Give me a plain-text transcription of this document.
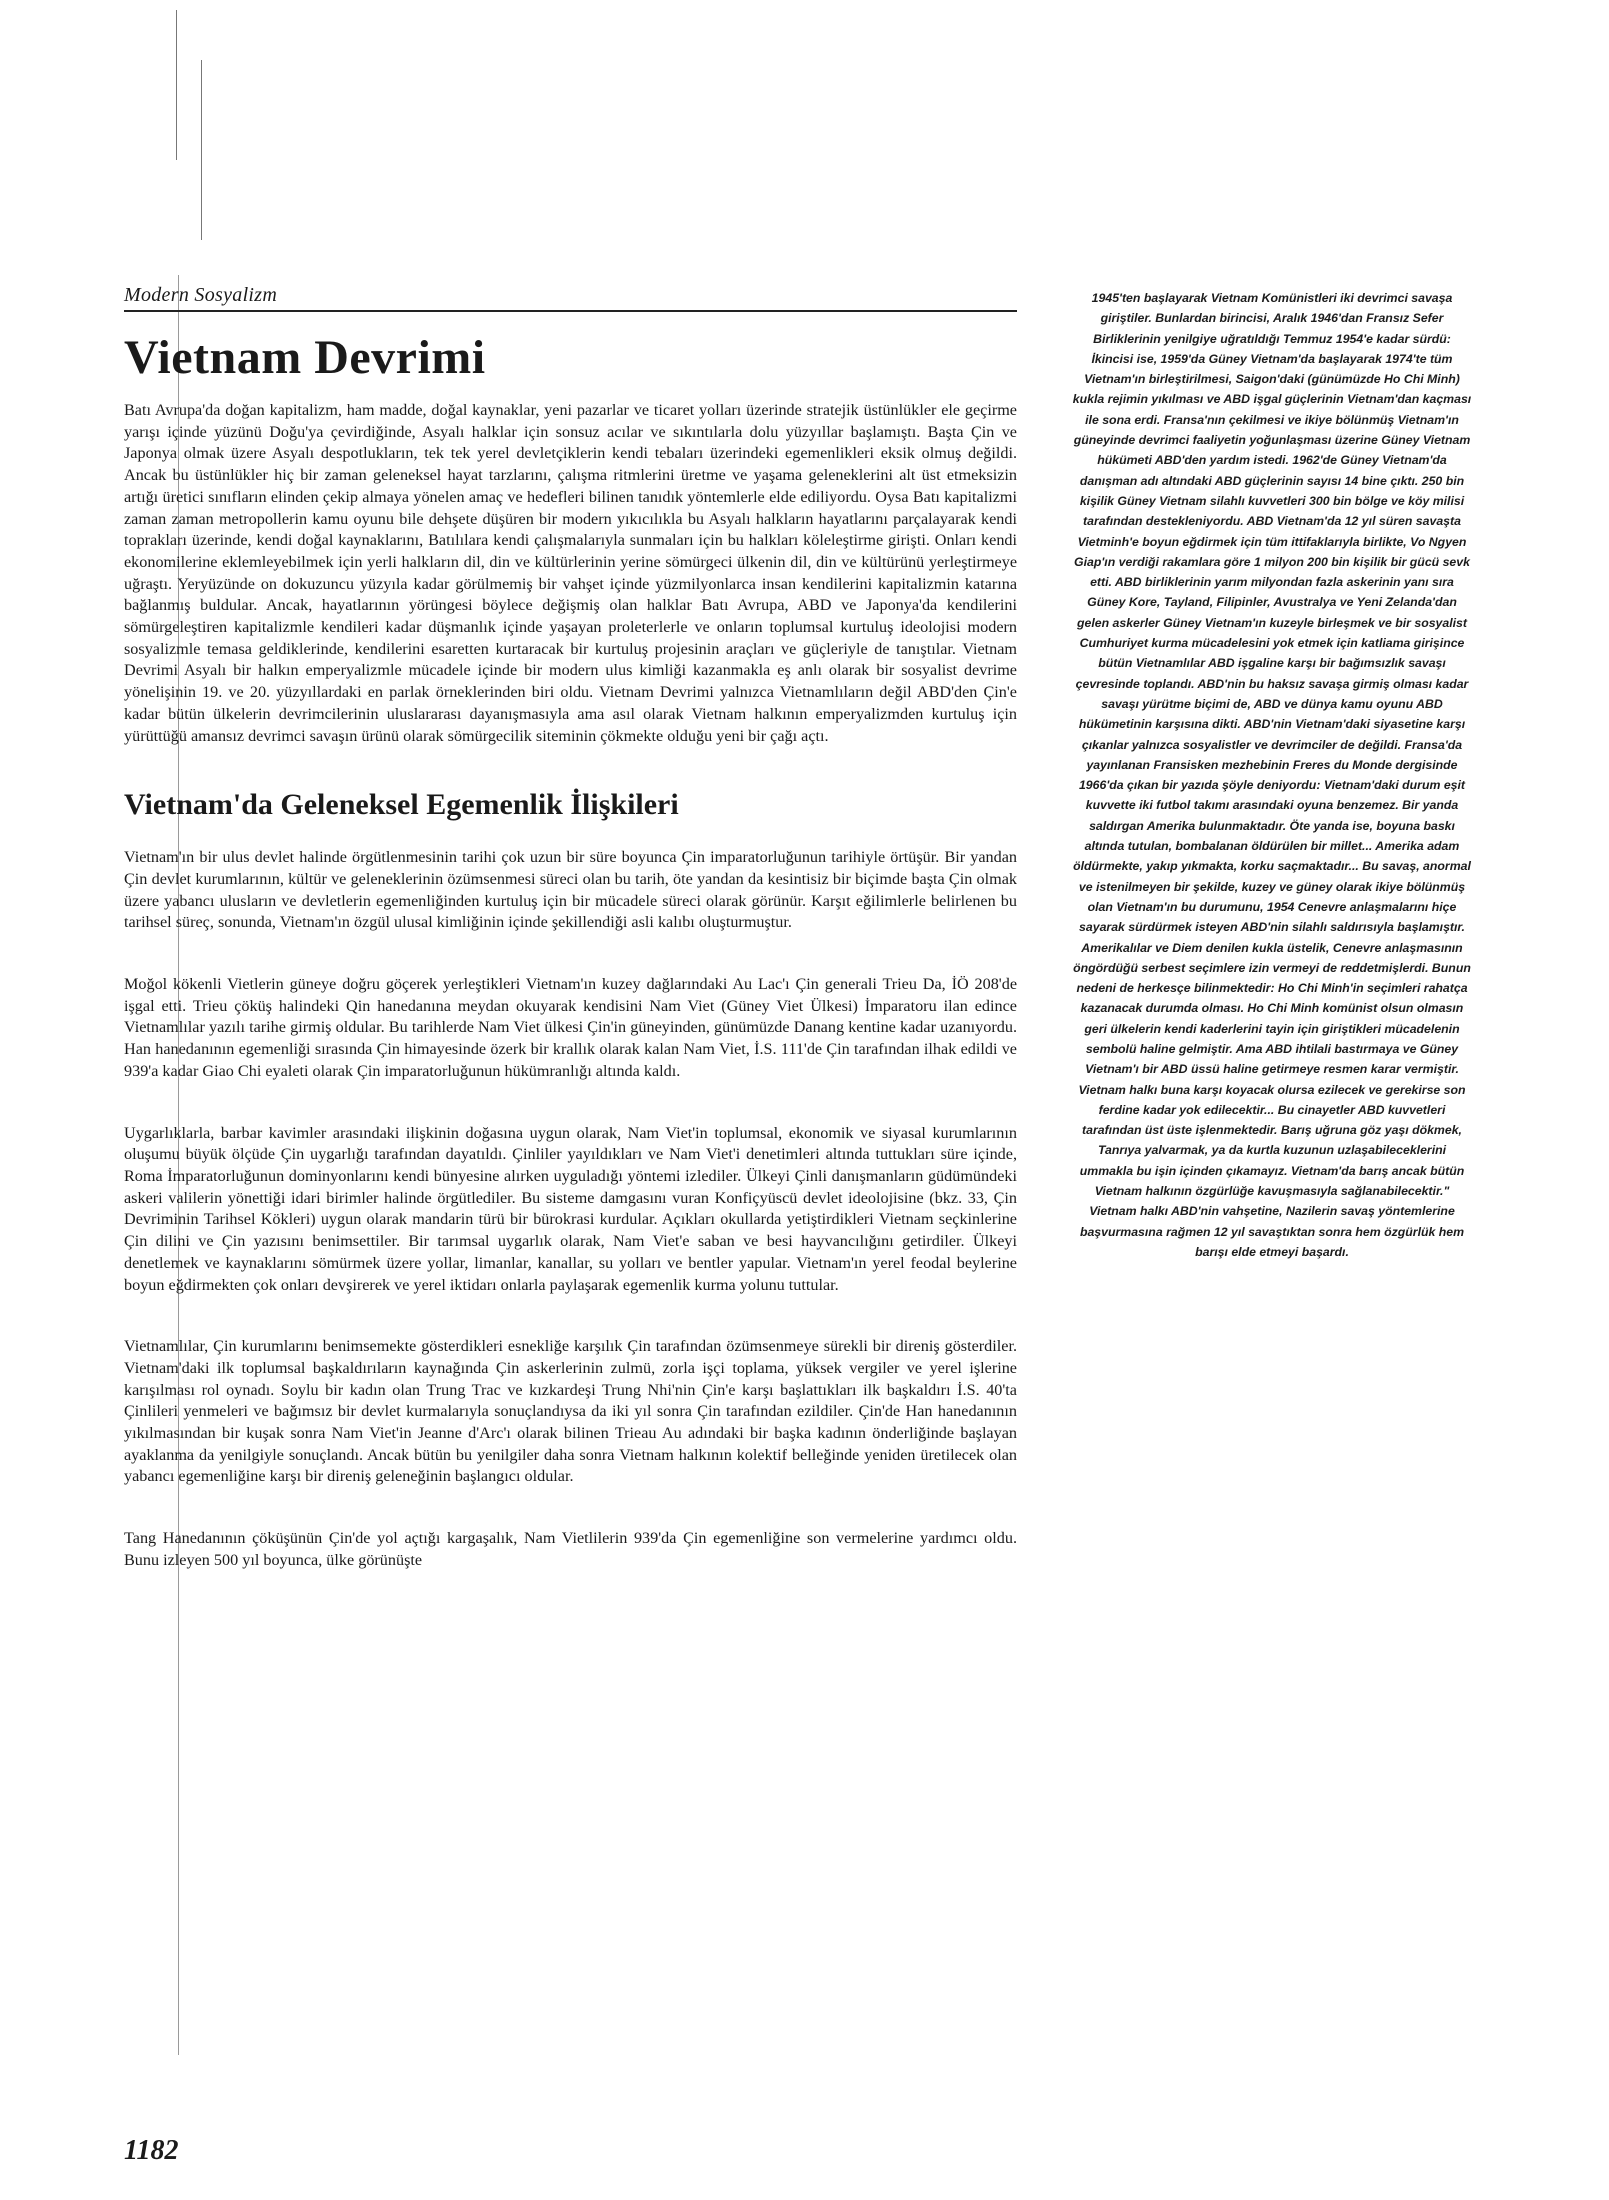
Modern Sosyalizm
Vietnam Devrimi

Batı Avrupa'da doğan kapitalizm, ham madde, doğal kaynaklar, yeni pazarlar ve ticaret yolları üzerinde stratejik üstünlükler ele geçirme yarışı içinde yüzünü Doğu'ya çevirdiğinde, Asyalı halklar için sonsuz acılar ve sıkıntılarla dolu yüzyıllar başlamıştı. Başta Çin ve Japonya olmak üzere Asyalı despotlukların, tek tek yerel devletçiklerin kendi tebaları üzerindeki egemenlikleri eksik olmuş değildi. Ancak bu üstünlükler hiç bir zaman geleneksel hayat tarzlarını, çalışma ritmlerini üretme ve yaşama geleneklerini alt üst etmeksizin artığı üretici sınıfların elinden çekip almaya yönelen amaç ve hedefleri bilinen tanıdık yöntemlerle elde ediliyordu. Oysa Batı kapitalizmi zaman zaman metropollerin kamu oyunu bile dehşete düşüren bir modern yıkıcılıkla bu Asyalı halkların hayatlarını parçalayarak kendi toprakları üzerinde, kendi doğal kaynaklarını, Batılılara kendi çalışmalarıyla sunmaları için bu halkları köleleştirme girişti. Onları kendi ekonomilerine eklemleyebilmek için yerli halkların dil, din ve kültürlerinin yerine sömürgeci ülkenin dil, din ve kültürünü yerleştirmeye uğraştı. Yeryüzünde on dokuzuncu yüzyıla kadar görülmemiş bir vahşet içinde yüzmilyonlarca insan kendilerini kapitalizmin katarına bağlanmış buldular. Ancak, hayatlarının yörüngesi böylece değişmiş olan halklar Batı Avrupa, ABD ve Japonya'da kendilerini sömürgeleştiren kapitalizmle kendileri kadar düşmanlık içinde yaşayan proleterlerle ve onların toplumsal kurtuluş ideolojisi modern sosyalizmle temasa geldiklerinde, kendilerini esaretten kurtaracak bir kurtuluş projesinin araçları ve güçleriyle de tanıştılar. Vietnam Devrimi Asyalı bir halkın emperyalizmle mücadele içinde bir modern ulus kimliği kazanmakla eş anlı olarak bir sosyalist devrime yönelişinin 19. ve 20. yüzyıllardaki en parlak örneklerinden biri oldu. Vietnam Devrimi yalnızca Vietnamlıların değil ABD'den Çin'e kadar bütün ülkelerin devrimcilerinin uluslararası dayanışmasıyla ama asıl olarak Vietnam halkının emperyalizmden kurtuluş için yürüttüğü amansız devrimci savaşın ürünü olarak sömürgecilik siteminin çökmekte olduğu yeni bir çağı açtı.

Vietnam'da Geleneksel Egemenlik İlişkileri

Vietnam'ın bir ulus devlet halinde örgütlenmesinin tarihi çok uzun bir süre boyunca Çin imparatorluğunun tarihiyle örtüşür. Bir yandan Çin devlet kurumlarının, kültür ve geleneklerinin özümsenmesi süreci olan bu tarih, öte yandan da kesintisiz bir biçimde başta Çin olmak üzere yabancı ulusların ve devletlerin egemenliğinden kurtuluş için bir mücadele süreci olarak görünür. Karşıt eğilimlerle belirlenen bu tarihsel süreç, sonunda, Vietnam'ın özgül ulusal kimliğinin içinde şekillendiği asli kalıbı oluşturmuştur.

Moğol kökenli Vietlerin güneye doğru göçerek yerleştikleri Vietnam'ın kuzey dağlarındaki Au Lac'ı Çin generali Trieu Da, İÖ 208'de işgal etti. Trieu çöküş halindeki Qin hanedanına meydan okuyarak kendisini Nam Viet (Güney Viet Ülkesi) İmparatoru ilan edince Vietnamlılar yazılı tarihe girmiş oldular. Bu tarihlerde Nam Viet ülkesi Çin'in güneyinden, günümüzde Danang kentine kadar uzanıyordu. Han hanedanının egemenliği sırasında Çin himayesinde özerk bir krallık olarak kalan Nam Viet, İ.S. 111'de Çin tarafından ilhak edildi ve 939'a kadar Giao Chi eyaleti olarak Çin imparatorluğunun hükümranlığı altında kaldı.

Uygarlıklarla, barbar kavimler arasındaki ilişkinin doğasına uygun olarak, Nam Viet'in toplumsal, ekonomik ve siyasal kurumlarının oluşumu büyük ölçüde Çin uygarlığı tarafından dayatıldı. Çinliler yayıldıkları ve Nam Viet'i denetimleri altında tuttukları süre içinde, Roma İmparatorluğunun dominyonlarını kendi bünyesine alırken uyguladığı yöntemi izlediler. Ülkeyi Çinli danışmanların güdümündeki askeri valilerin yönettiği idari birimler halinde örgütlediler. Bu sisteme damgasını vuran Konfiçyüscü devlet ideolojisine (bkz. 33, Çin Devriminin Tarihsel Kökleri) uygun olarak mandarin türü bir bürokrasi kurdular. Açıkları okullarda yetiştirdikleri Vietnam seçkinlerine Çin dilini ve Çin yazısını benimsettiler. Bir tarımsal uygarlık olarak, Nam Viet'e saban ve besi hayvancılığını getirdiler. Ülkeyi denetlemek ve kaynaklarını sömürmek üzere yollar, limanlar, kanallar, su yolları ve bentler yapular. Vietnam'ın yerel feodal beylerine boyun eğdirmekten çok onları devşirerek ve yerel iktidarı onlarla paylaşarak egemenlik kurma yolunu tuttular.

Vietnamlılar, Çin kurumlarını benimsemekte gösterdikleri esnekliğe karşılık Çin tarafından özümsenmeye sürekli bir direniş gösterdiler. Vietnam'daki ilk toplumsal başkaldırıların kaynağında Çin askerlerinin zulmü, zorla işçi toplama, yüksek vergiler ve yerel işlerine karışılması rol oynadı. Soylu bir kadın olan Trung Trac ve kızkardeşi Trung Nhi'nin Çin'e karşı başlattıkları ilk başkaldırı İ.S. 40'ta Çinlileri yenmeleri ve bağımsız bir devlet kurmalarıyla sonuçlandıysa da iki yıl sonra Çin tarafından ezildiler. Çin'de Han hanedanının yıkılmasından bir kuşak sonra Nam Viet'in Jeanne d'Arc'ı olarak bilinen Trieau Au adındaki bir başka kadının önderliğinde başlayan ayaklanma da yenilgiyle sonuçlandı. Ancak bütün bu yenilgiler daha sonra Vietnam halkının kolektif belleğinde yeniden üretilecek olan yabancı egemenliğine karşı bir direniş geleneğinin başlangıcı oldular.

Tang Hanedanının çöküşünün Çin'de yol açtığı kargaşalık, Nam Vietlilerin 939'da Çin egemenliğine son vermelerine yardımcı oldu. Bunu izleyen 500 yıl boyunca, ülke görünüşte

1945'ten başlayarak Vietnam Komünistleri iki devrimci savaşa giriştiler. Bunlardan birincisi, Aralık 1946'dan Fransız Sefer Birliklerinin yenilgiye uğratıldığı Temmuz 1954'e kadar sürdü: İkincisi ise, 1959'da Güney Vietnam'da başlayarak 1974'te tüm Vietnam'ın birleştirilmesi, Saigon'daki (günümüzde Ho Chi Minh) kukla rejimin yıkılması ve ABD işgal güçlerinin Vietnam'dan kaçması ile sona erdi. Fransa'nın çekilmesi ve ikiye bölünmüş Vietnam'ın güneyinde devrimci faaliyetin yoğunlaşması üzerine Güney Vietnam hükümeti ABD'den yardım istedi. 1962'de Güney Vietnam'da danışman adı altındaki ABD güçlerinin sayısı 14 bine çıktı. 250 bin kişilik Güney Vietnam silahlı kuvvetleri 300 bin bölge ve köy milisi tarafından destekleniyordu. ABD Vietnam'da 12 yıl süren savaşta Vietminh'e boyun eğdirmek için tüm ittifaklarıyla birlikte, Vo Ngyen Giap'ın verdiği rakamlara göre 1 milyon 200 bin kişilik bir gücü sevk etti. ABD birliklerinin yarım milyondan fazla askerinin yanı sıra Güney Kore, Tayland, Filipinler, Avustralya ve Yeni Zelanda'dan gelen askerler Güney Vietnam'ın kuzeyle birleşmek ve bir sosyalist Cumhuriyet kurma mücadelesini yok etmek için katliama girişince bütün Vietnamlılar ABD işgaline karşı bir bağımsızlık savaşı çevresinde toplandı. ABD'nin bu haksız savaşa girmiş olması kadar savaşı yürütme biçimi de, ABD ve dünya kamu oyunu ABD hükümetinin karşısına dikti. ABD'nin Vietnam'daki siyasetine karşı çıkanlar yalnızca sosyalistler ve devrimciler de değildi. Fransa'da yayınlanan Fransisken mezhebinin Freres du Monde dergisinde 1966'da çıkan bir yazıda şöyle deniyordu: Vietnam'daki durum eşit kuvvette iki futbol takımı arasındaki oyuna benzemez. Bir yanda saldırgan Amerika bulunmaktadır. Öte yanda ise, boyuna baskı altında tutulan, bombalanan öldürülen bir millet... Amerika adam öldürmekte, yakıp yıkmakta, korku saçmaktadır... Bu savaş, anormal ve istenilmeyen bir şekilde, kuzey ve güney olarak ikiye bölünmüş olan Vietnam'ın bu durumunu, 1954 Cenevre anlaşmalarını hiçe sayarak sürdürmek isteyen ABD'nin silahlı saldırısıyla başlamıştır. Amerikalılar ve Diem denilen kukla üstelik, Cenevre anlaşmasının öngördüğü serbest seçimlere izin vermeyi de reddetmişlerdi. Bunun nedeni de herkesçe bilinmektedir: Ho Chi Minh'in seçimleri rahatça kazanacak durumda olması. Ho Chi Minh komünist olsun olmasın geri ülkelerin kendi kaderlerini tayin için giriştikleri mücadelenin sembolü haline gelmiştir. Ama ABD ihtilali bastırmaya ve Güney Vietnam'ı bir ABD üssü haline getirmeye resmen karar vermiştir. Vietnam halkı buna karşı koyacak olursa ezilecek ve gerekirse son ferdine kadar yok edilecektir... Bu cinayetler ABD kuvvetleri tarafından üst üste işlenmektedir. Barış uğruna göz yaşı dökmek, Tanrıya yalvarmak, ya da kurtla kuzunun uzlaşabileceklerini ummakla bu işin içinden çıkamayız. Vietnam'da barış ancak bütün Vietnam halkının özgürlüğe kavuşmasıyla sağlanabilecektir." Vietnam halkı ABD'nin vahşetine, Nazilerin savaş yöntemlerine başvurmasına rağmen 12 yıl savaştıktan sonra hem özgürlük hem barışı elde etmeyi başardı.

1182
